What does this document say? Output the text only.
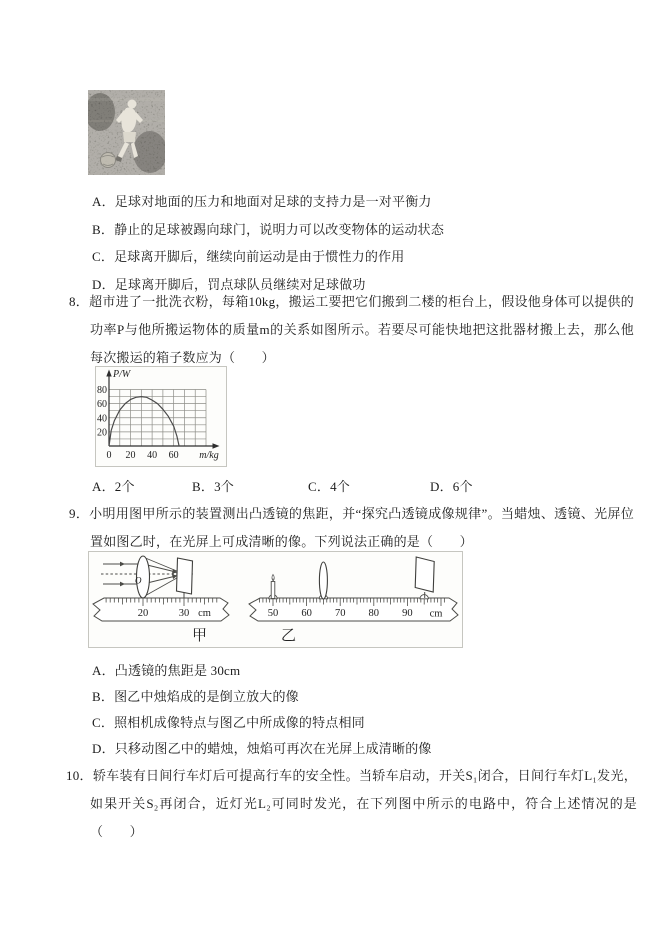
A．足球对地面的压力和地面对足球的支持力是一对平衡力
B．静止的足球被踢向球门，说明力可以改变物体的运动状态
C．足球离开脚后，继续向前运动是由于惯性力的作用
D．足球离开脚后，罚点球队员继续对足球做功
8．超市进了一批洗衣粉，每箱10kg，搬运工要把它们搬到二楼的柜台上，假设他身体可以提供的功率P与他所搬运物体的质量m的关系如图所示。若要尽可能快地把这批器材搬上去，那么他每次搬运的箱子数应为（　　）
20
40
60
80
0 20 40 60
P/W
m/kg
A．2个	B．3个	C．4个	D．6个
9．小明用图甲所示的装置测出凸透镜的焦距，并“探究凸透镜成像规律”。当蜡烛、透镜、光屏位置如图乙时，在光屏上可成清晰的像。下列说法正确的是（　　）
20	30 cm
O
50 60 70 80 90 cm
甲	乙
A．凸透镜的焦距是 30cm
B．图乙中烛焰成的是倒立放大的像
C．照相机成像特点与图乙中所成像的特点相同
D．只移动图乙中的蜡烛，烛焰可再次在光屏上成清晰的像
10．轿车装有日间行车灯后可提高行车的安全性。当轿车启动，开关S₁闭合，日间行车灯L₁发光，如果开关S₂再闭合，近灯光L₂可同时发光，在下列图中所示的电路中，符合上述情况的是（　　）
